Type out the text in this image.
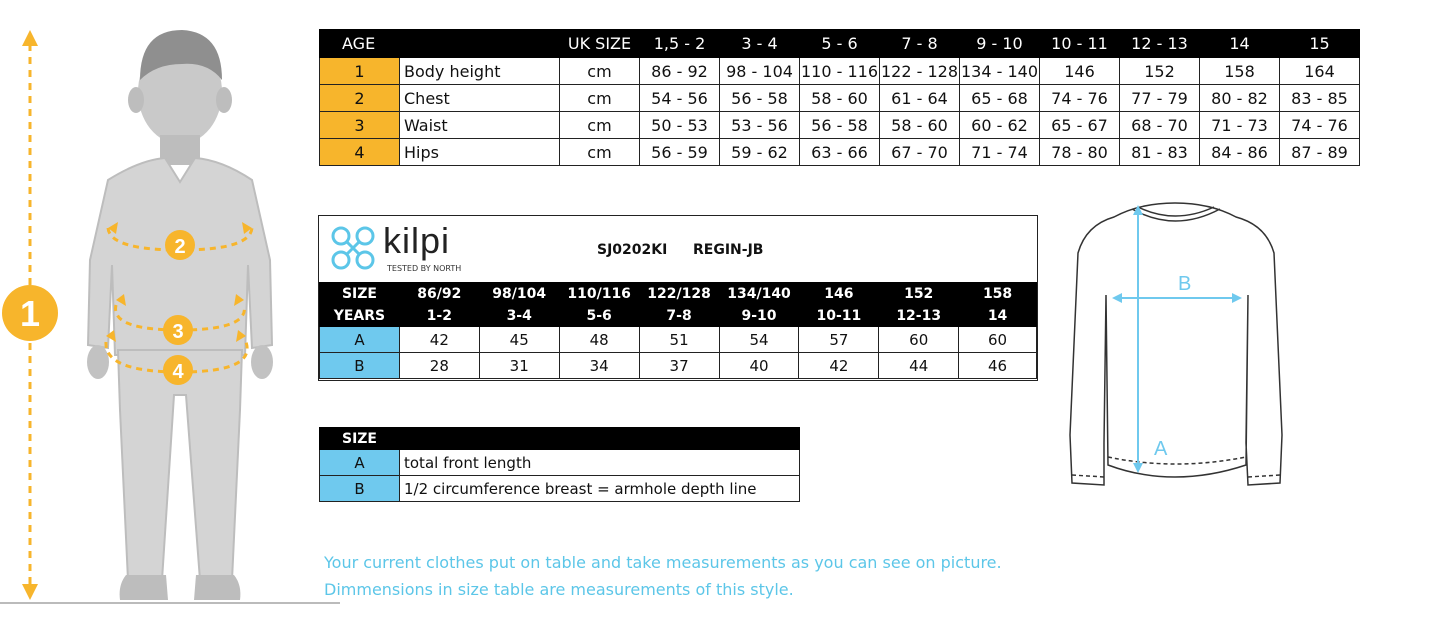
1
2
3
4
AGE		UK SIZE	1,5 - 2	3 - 4	5 - 6	7 - 8	9 - 10	10 - 11	12 - 13	14	15
1	Body height	cm	86 - 92	98 - 104	110 - 116	122 - 128	134 - 140	146	152	158	164
2	Chest	cm	54 - 56	56 - 58	58 - 60	61 - 64	65 - 68	74 - 76	77 - 79	80 - 82	83 - 85
3	Waist	cm	50 - 53	53 - 56	56 - 58	58 - 60	60 - 62	65 - 67	68 - 70	71 - 73	74 - 76
4	Hips	cm	56 - 59	59 - 62	63 - 66	67 - 70	71 - 74	78 - 80	81 - 83	84 - 86	87 - 89
kilpi
TESTED BY NORTH
SJ0202KI REGIN-JB
SIZE	86/92	98/104	110/116	122/128	134/140	146	152	158
YEARS	1-2	3-4	5-6	7-8	9-10	10-11	12-13	14
A	42	45	48	51	54	57	60	60
B	28	31	34	37	40	42	44	46
B
A
SIZE	
A	total front length
B	1/2 circumference breast = armhole depth line
Your current clothes put on table and take measurements as you can see on picture.
Dimmensions in size table are measurements of this style.
